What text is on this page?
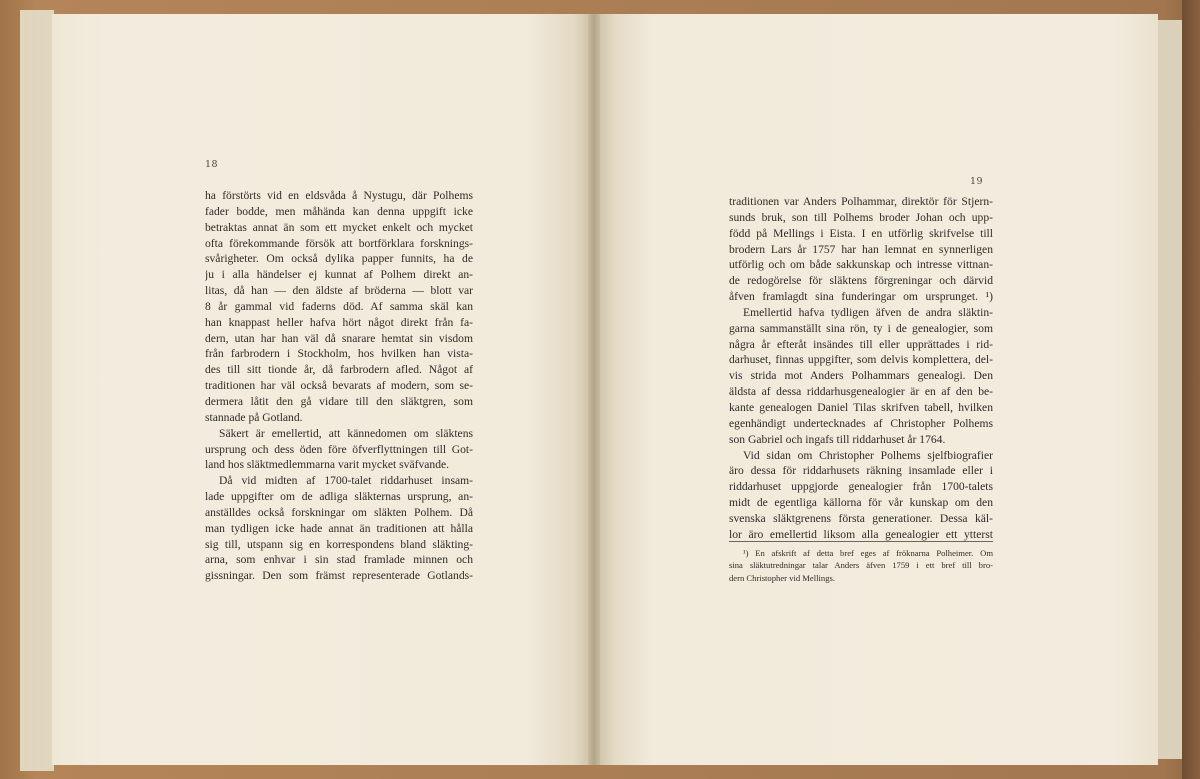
18
19
ha förstörts vid en eldsvåda å Nystugu, där Polhems
fader bodde, men måhända kan denna uppgift icke
betraktas annat än som ett mycket enkelt och mycket
ofta förekommande försök att bortförklara forsknings-
svårigheter. Om också dylika papper funnits, ha de
ju i alla händelser ej kunnat af Polhem direkt an-
litas, då han — den äldste af bröderna — blott var
8 år gammal vid faderns död. Af samma skäl kan
han knappast heller hafva hört något direkt från fa-
dern, utan har han väl då snarare hemtat sin visdom
från farbrodern i Stockholm, hos hvilken han vista-
des till sitt tionde år, då farbrodern afled. Något af
traditionen har väl också bevarats af modern, som se-
dermera låtit den gå vidare till den släktgren, som
stannade på Gotland.
Säkert är emellertid, att kännedomen om släktens
ursprung och dess öden före öfverflyttningen till Got-
land hos släktmedlemmarna varit mycket sväfvande.
Då vid midten af 1700-talet riddarhuset insam-
lade uppgifter om de adliga släkternas ursprung, an-
anställdes också forskningar om släkten Polhem. Då
man tydligen icke hade annat än traditionen att hålla
sig till, utspann sig en korrespondens bland släkting-
arna, som enhvar i sin stad framlade minnen och
gissningar. Den som främst representerade Gotlands-
traditionen var Anders Polhammar, direktör för Stjern-
sunds bruk, son till Polhems broder Johan och upp-
född på Mellings i Eista. I en utförlig skrifvelse till
brodern Lars år 1757 har han lemnat en synnerligen
utförlig och om både sakkunskap och intresse vittnan-
de redogörelse för släktens förgreningar och därvid
åfven framlagdt sina funderingar om ursprunget. ¹)
Emellertid hafva tydligen äfven de andra släktin-
garna sammanställt sina rön, ty i de genealogier, som
några år efteråt insändes till eller upprättades i rid-
darhuset, finnas uppgifter, som delvis komplettera, del-
vis strida mot Anders Polhammars genealogi. Den
äldsta af dessa riddarhusgenealogier är en af den be-
kante genealogen Daniel Tilas skrifven tabell, hvilken
egenhändigt undertecknades af Christopher Polhems
son Gabriel och ingafs till riddarhuset år 1764.
Vid sidan om Christopher Polhems sjelfbiografier
äro dessa för riddarhusets räkning insamlade eller i
riddarhuset uppgjorde genealogier från 1700-talets
midt de egentliga källorna för vår kunskap om den
svenska släktgrenens första generationer. Dessa käl-
lor äro emellertid liksom alla genealogier ett ytterst
¹) En afskrift af detta bref eges af fröknarna Polheimer. Om
sina släktutredningar talar Anders äfven 1759 i ett bref till bro-
dern Christopher vid Mellings.
